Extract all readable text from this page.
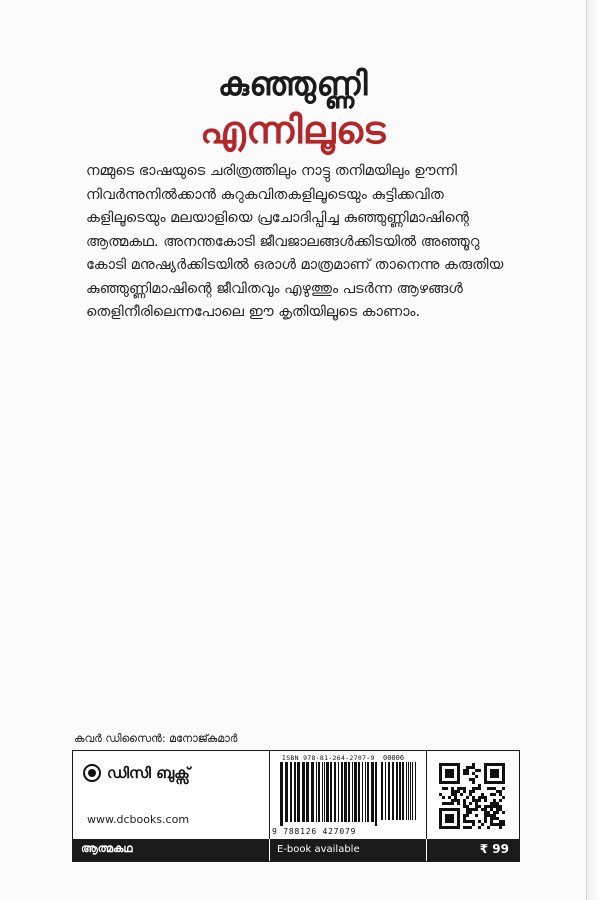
കുഞ്ഞുണ്ണി
എന്നിലൂടെ
നമ്മുടെ ഭാഷയുടെ ചരിത്രത്തിലും നാട്ടു തനിമയിലും ഊന്നി
നിവർന്നുനിൽക്കാൻ കുറുകവിതകളിലൂടെയും കുട്ടിക്കവിത
കളിലൂടെയും മലയാളിയെ പ്രചോദിപ്പിച്ച കുഞ്ഞുണ്ണിമാഷിന്റെ
ആത്മകഥ. അനന്തകോടി ജീവജാലങ്ങൾക്കിടയിൽ അഞ്ഞൂറു
കോടി മനുഷ്യർക്കിടയിൽ ഒരാൾ മാത്രമാണ് താനെന്നു കരുതിയ
കുഞ്ഞുണ്ണിമാഷിന്റെ ജീവിതവും എഴുത്തും പടർന്ന ആഴങ്ങൾ
തെളിനീരിലെന്നപോലെ ഈ കൃതിയിലൂടെ കാണാം.
കവർ ഡിസൈൻ: മനോജ്കുമാർ
ഡിസി ബുക്സ്
www.dcbooks.com
ISBN 978-81-264-2707-9 00006
9 788126 427079
ആത്മകഥ	E-book available	₹ 99
